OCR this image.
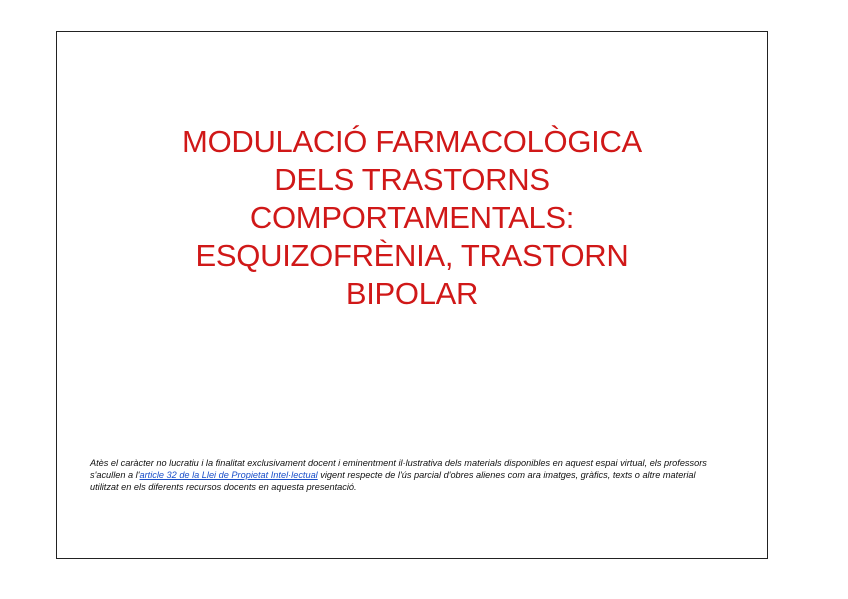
MODULACIÓ FARMACOLÒGICA
DELS TRASTORNS
COMPORTAMENTALS:
ESQUIZOFRÈNIA, TRASTORN
BIPOLAR
Atès el caràcter no lucratiu i la finalitat exclusivament docent i eminentment il·lustrativa dels materials disponibles en aquest espai virtual, els professors s'acullen a l'article 32 de la Llei de Propietat Intel·lectual vigent respecte de l'ús parcial d'obres alienes com ara imatges, gràfics, texts o altre material utilitzat en els diferents recursos docents en aquesta presentació.
